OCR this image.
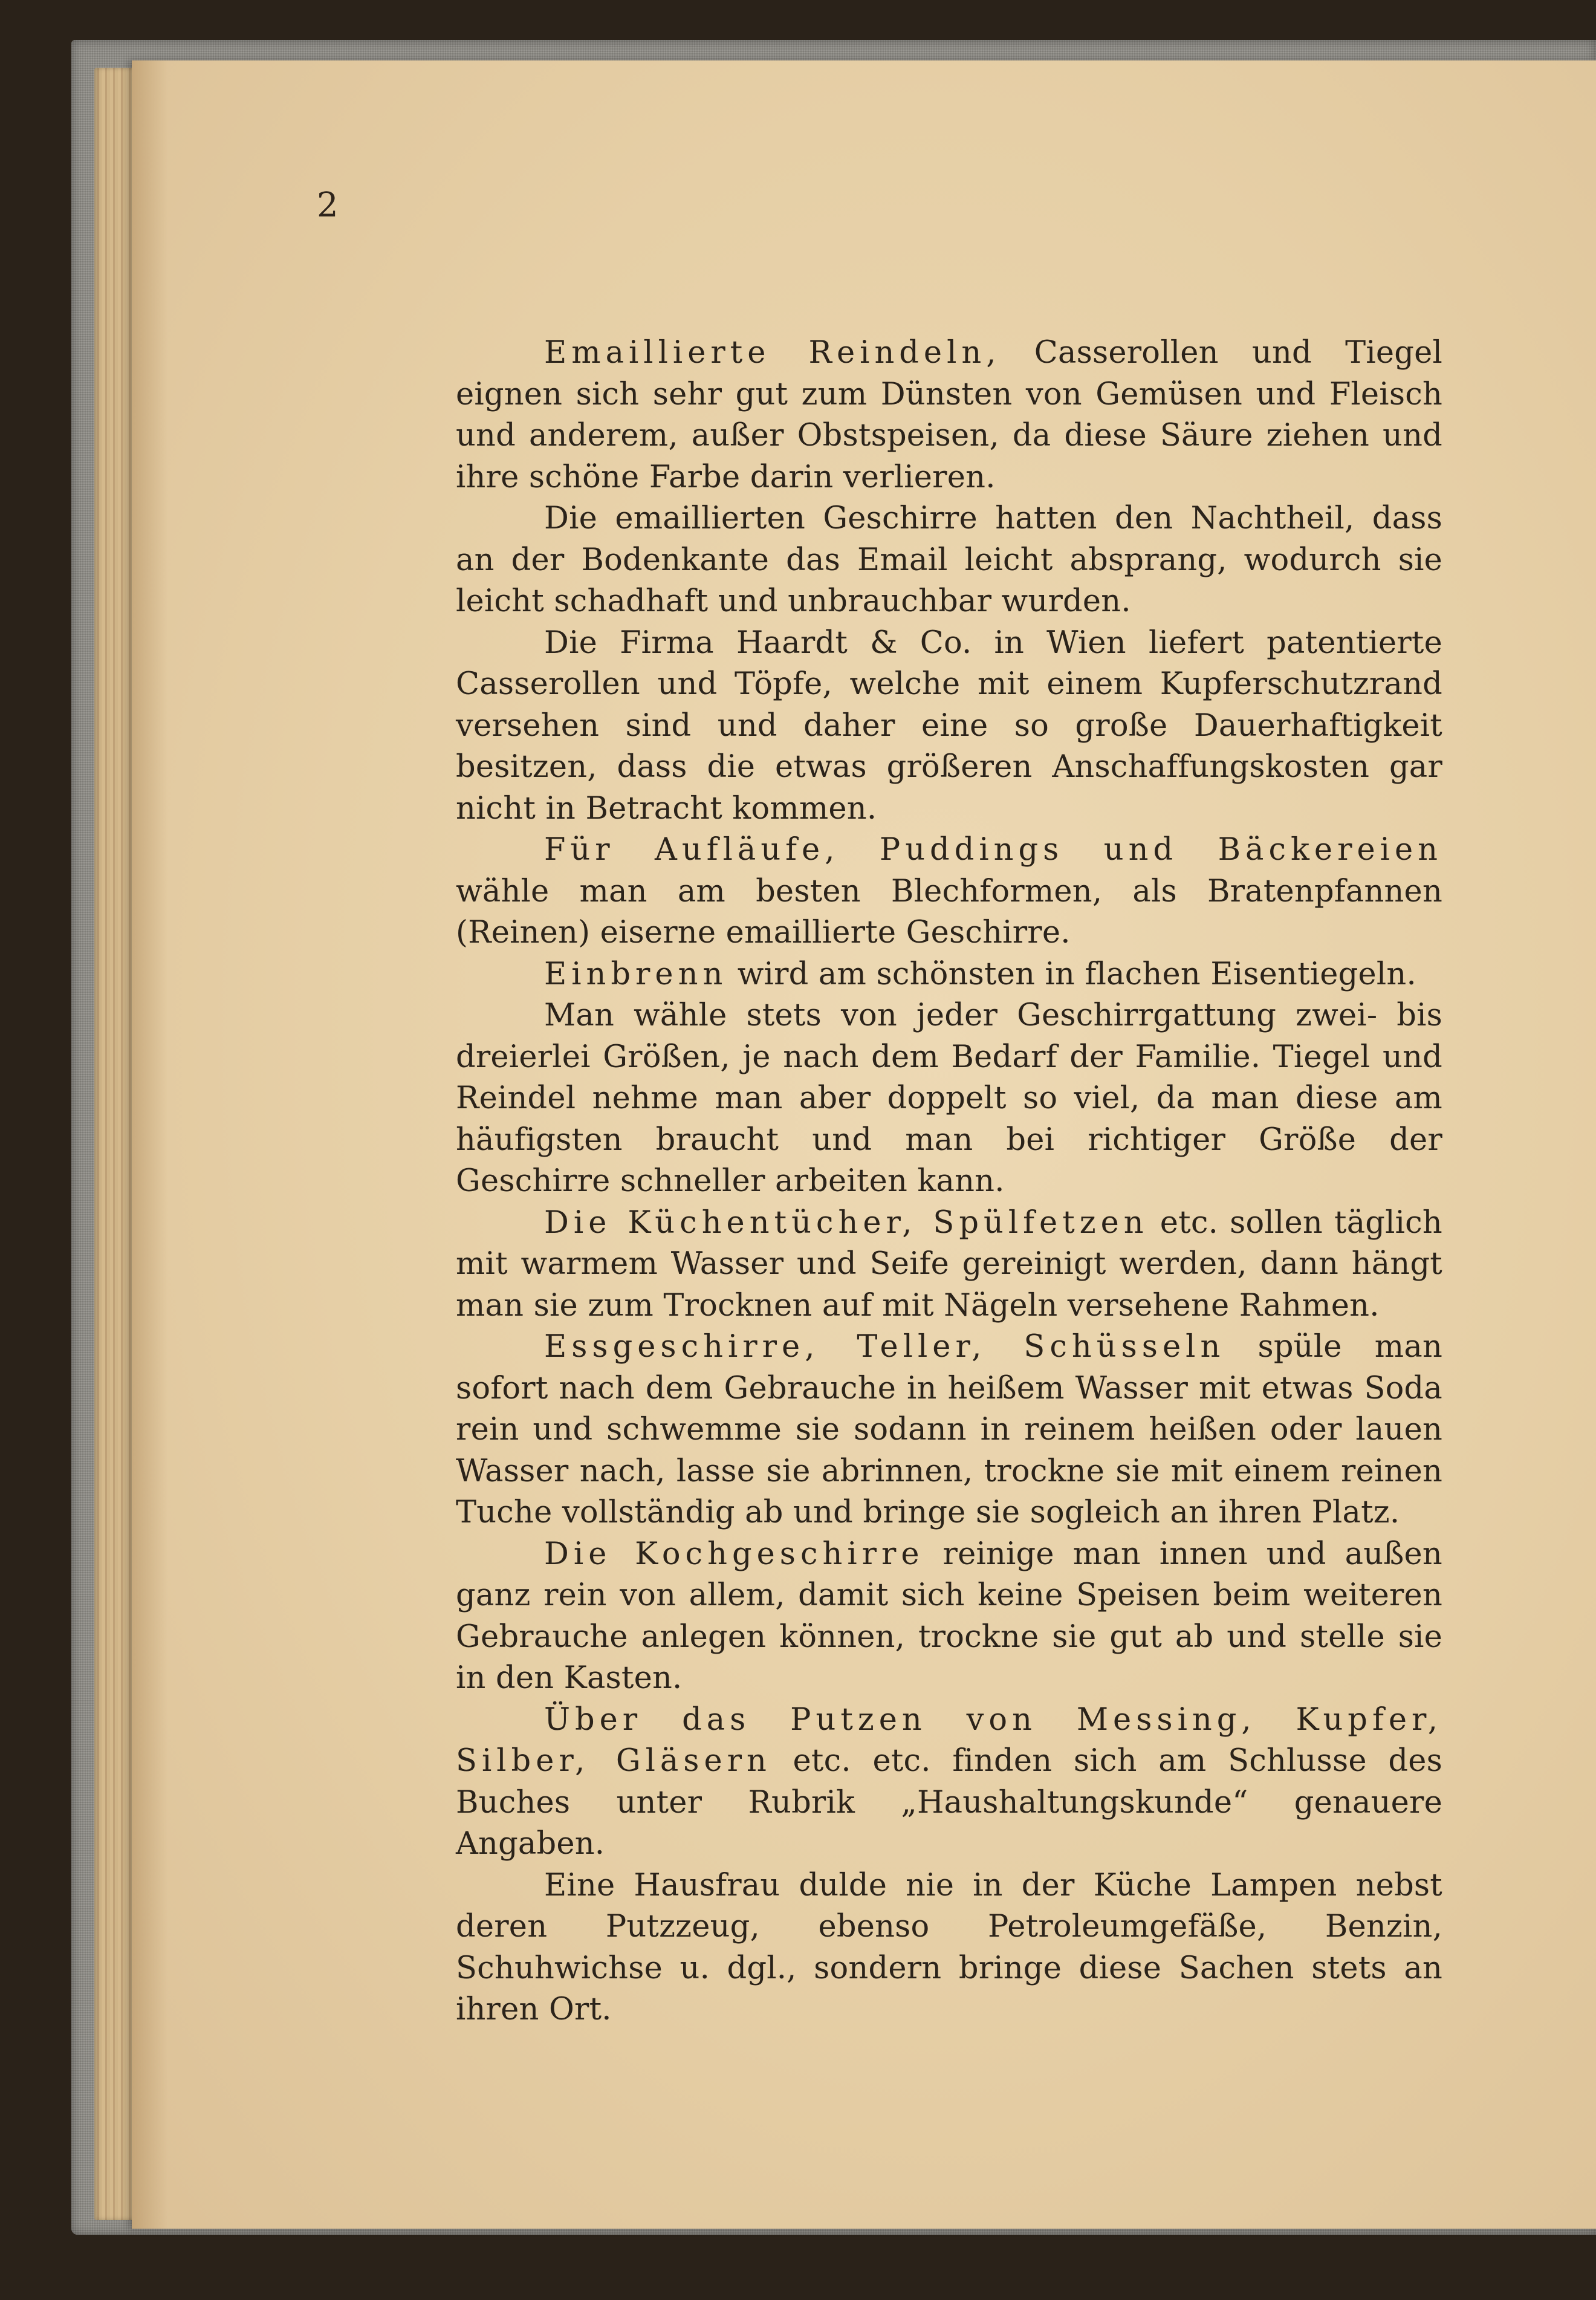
2

Emaillierte Reindeln, Casserollen und Tiegel eignen sich sehr gut zum Dünsten von Gemüsen und Fleisch und anderem, außer Obstspeisen, da diese Säure ziehen und ihre schöne Farbe darin verlieren.

Die emaillierten Geschirre hatten den Nachtheil, dass an der Bodenkante das Email leicht absprang, wodurch sie leicht schadhaft und unbrauchbar wurden.

Die Firma Haardt & Co. in Wien liefert patentierte Casserollen und Töpfe, welche mit einem Kupferschutzrand versehen sind und daher eine so große Dauerhaftigkeit besitzen, dass die etwas größeren Anschaffungskosten gar nicht in Betracht kommen.

Für Aufläufe, Puddings und Bäckereien wähle man am besten Blechformen, als Bratenpfannen (Reinen) eiserne emaillierte Geschirre.

Einbrenn wird am schönsten in flachen Eisentiegeln.

Man wähle stets von jeder Geschirrgattung zwei- bis dreierlei Größen, je nach dem Bedarf der Familie. Tiegel und Reindel nehme man aber doppelt so viel, da man diese am häufigsten braucht und man bei richtiger Größe der Geschirre schneller arbeiten kann.

Die Küchentücher, Spülfetzen etc. sollen täglich mit warmem Wasser und Seife gereinigt werden, dann hängt man sie zum Trocknen auf mit Nägeln versehene Rahmen.

Essgeschirre, Teller, Schüsseln spüle man sofort nach dem Gebrauche in heißem Wasser mit etwas Soda rein und schwemme sie sodann in reinem heißen oder lauen Wasser nach, lasse sie abrinnen, trockne sie mit einem reinen Tuche vollständig ab und bringe sie sogleich an ihren Platz.

Die Kochgeschirre reinige man innen und außen ganz rein von allem, damit sich keine Speisen beim weiteren Gebrauche anlegen können, trockne sie gut ab und stelle sie in den Kasten.

Über das Putzen von Messing, Kupfer, Silber, Gläsern etc. etc. finden sich am Schlusse des Buches unter Rubrik „Haushaltungskunde“ genauere Angaben.

Eine Hausfrau dulde nie in der Küche Lampen nebst deren Putzzeug, ebenso Petroleumgefäße, Benzin, Schuhwichse u. dgl., sondern bringe diese Sachen stets an ihren Ort.
